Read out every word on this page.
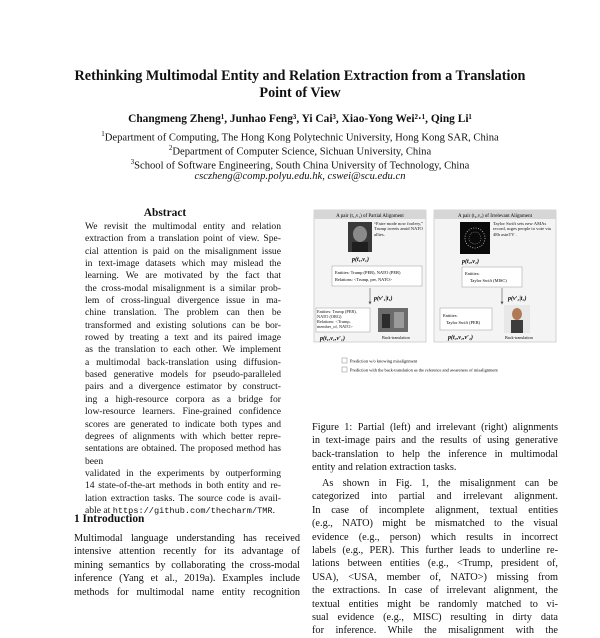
Rethinking Multimodal Entity and Relation Extraction from a Translation
Point of View
Changmeng Zheng¹, Junhao Feng³, Yi Cai³, Xiao-Yong Wei²·¹, Qing Li¹
$^1$Department of Computing, The Hong Kong Polytechnic University, Hong Kong SAR, China
$^2$Department of Computer Science, Sichuan University, China
$^3$School of Software Engineering, South China University of Technology, China
csczheng@comp.polyu.edu.hk, cswei@scu.edu.cn
Abstract
We revisit the multimodal entity and relation
extraction from a translation point of view. Spe-
cial attention is paid on the misalignment issue
in text-image datasets which may mislead the
learning. We are motivated by the fact that
the cross-modal misalignment is a similar prob-
lem of cross-lingual divergence issue in ma-
chine translation. The problem can then be
transformed and existing solutions can be bor-
rowed by treating a text and its paired image
as the translation to each other. We implement
a multimodal back-translation using diffusion-
based generative models for pseudo-paralleled
pairs and a divergence estimator by construct-
ing a high-resource corpora as a bridge for
low-resource learners. Fine-grained confidence
scores are generated to indicate both types and
degrees of alignments with which better repre-
sentations are obtained. The proposed method has been
validated in the experiments by outperforming
14 state-of-the-art methods in both entity and re-
lation extraction tasks. The source code is avail-
able at https://github.com/thecharm/TMR.
1 Introduction
Multimodal language understanding has received
intensive attention recently for its advantage of
mining semantics by collaborating the cross-modal
inference (Yang et al., 2019a). Examples include
methods for multimodal name entity recognition
A pair (t₁,v₁) of Partial Alignment
“Faire mode now foolery,” Trump tweets amid NATO allies.
p(t₁,v₁)
Entities: Trump (PER), NATO (PER)
Relations: <Trump, per, NATO>
p(v′₁|t₁)
Entities: Trump (PER), NATO (ORG)
Relations: <Trump, member_of, NATO>
Back-translation
p(t₁,v₁,v′₁)
A pair (t₂,v₂) of Irrelevant Alignment
Taylor Swift sets new AMAs record, urges people to vote via 48h asinTV .
p(t₂,v₂)
Entities:
Taylor Swift (MISC)
p(v′₂|t₂)
Entities:
Taylor Swift (PER)
Back-translation
p(t₂,v₂,v′₂)
Prediction w/o knowing misalignment
Prediction with the back-translation as the reference and awareness of misalignment
Figure 1: Partial (left) and irrelevant (right) alignments
in text-image pairs and the results of using generative
back-translation to help the inference in multimodal
entity and relation extraction tasks.
As shown in Fig. 1, the misalignment can be
categorized into partial and irrelevant alignment.
In case of incomplete alignment, textual entities
(e.g., NATO) might be mismatched to the visual
evidence (e.g., person) which results in incorrect
labels (e.g., PER). This further leads to underline re-
lations between entities (e.g., <Trump, president of,
USA), <USA, member of, NATO>) missing from
the extractions. In case of irrelevant alignment, the
textual entities might be randomly matched to vi-
sual evidence (e.g., MISC) resulting in dirty data
for inference. While the misalignment with the
